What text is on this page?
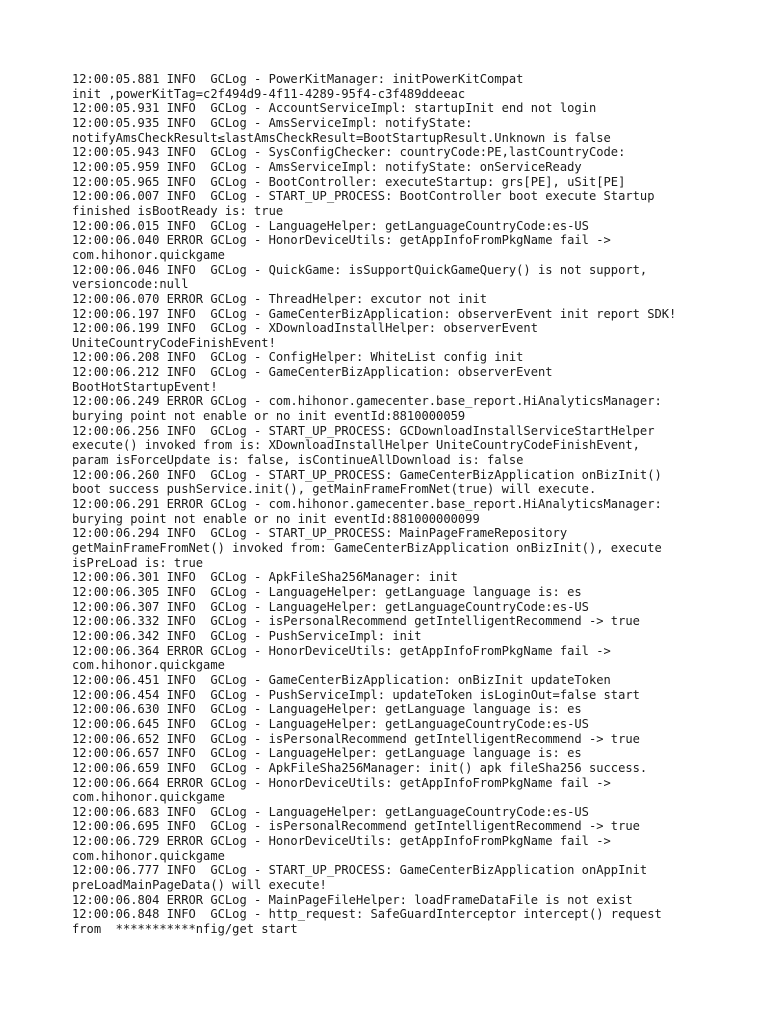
12:00:05.881 INFO  GCLog - PowerKitManager: initPowerKitCompat
init ,powerKitTag=c2f494d9-4f11-4289-95f4-c3f489ddeeac
12:00:05.931 INFO  GCLog - AccountServiceImpl: startupInit end not login
12:00:05.935 INFO  GCLog - AmsServiceImpl: notifyState:
notifyAmsCheckResult≤lastAmsCheckResult=BootStartupResult.Unknown is false
12:00:05.943 INFO  GCLog - SysConfigChecker: countryCode:PE,lastCountryCode:
12:00:05.959 INFO  GCLog - AmsServiceImpl: notifyState: onServiceReady
12:00:05.965 INFO  GCLog - BootController: executeStartup: grs[PE], uSit[PE]
12:00:06.007 INFO  GCLog - START_UP_PROCESS: BootController boot execute Startup
finished isBootReady is: true
12:00:06.015 INFO  GCLog - LanguageHelper: getLanguageCountryCode:es-US
12:00:06.040 ERROR GCLog - HonorDeviceUtils: getAppInfoFromPkgName fail ->
com.hihonor.quickgame
12:00:06.046 INFO  GCLog - QuickGame: isSupportQuickGameQuery() is not support,
versioncode:null
12:00:06.070 ERROR GCLog - ThreadHelper: excutor not init
12:00:06.197 INFO  GCLog - GameCenterBizApplication: observerEvent init report SDK!
12:00:06.199 INFO  GCLog - XDownloadInstallHelper: observerEvent
UniteCountryCodeFinishEvent!
12:00:06.208 INFO  GCLog - ConfigHelper: WhiteList config init
12:00:06.212 INFO  GCLog - GameCenterBizApplication: observerEvent
BootHotStartupEvent!
12:00:06.249 ERROR GCLog - com.hihonor.gamecenter.base_report.HiAnalyticsManager:
burying point not enable or no init eventId:8810000059
12:00:06.256 INFO  GCLog - START_UP_PROCESS: GCDownloadInstallServiceStartHelper
execute() invoked from is: XDownloadInstallHelper UniteCountryCodeFinishEvent,
param isForceUpdate is: false, isContinueAllDownload is: false
12:00:06.260 INFO  GCLog - START_UP_PROCESS: GameCenterBizApplication onBizInit()
boot success pushService.init(), getMainFrameFromNet(true) will execute.
12:00:06.291 ERROR GCLog - com.hihonor.gamecenter.base_report.HiAnalyticsManager:
burying point not enable or no init eventId:881000000099
12:00:06.294 INFO  GCLog - START_UP_PROCESS: MainPageFrameRepository
getMainFrameFromNet() invoked from: GameCenterBizApplication onBizInit(), execute
isPreLoad is: true
12:00:06.301 INFO  GCLog - ApkFileSha256Manager: init
12:00:06.305 INFO  GCLog - LanguageHelper: getLanguage language is: es
12:00:06.307 INFO  GCLog - LanguageHelper: getLanguageCountryCode:es-US
12:00:06.332 INFO  GCLog - isPersonalRecommend getIntelligentRecommend -> true
12:00:06.342 INFO  GCLog - PushServiceImpl: init
12:00:06.364 ERROR GCLog - HonorDeviceUtils: getAppInfoFromPkgName fail ->
com.hihonor.quickgame
12:00:06.451 INFO  GCLog - GameCenterBizApplication: onBizInit updateToken
12:00:06.454 INFO  GCLog - PushServiceImpl: updateToken isLoginOut=false start
12:00:06.630 INFO  GCLog - LanguageHelper: getLanguage language is: es
12:00:06.645 INFO  GCLog - LanguageHelper: getLanguageCountryCode:es-US
12:00:06.652 INFO  GCLog - isPersonalRecommend getIntelligentRecommend -> true
12:00:06.657 INFO  GCLog - LanguageHelper: getLanguage language is: es
12:00:06.659 INFO  GCLog - ApkFileSha256Manager: init() apk fileSha256 success.
12:00:06.664 ERROR GCLog - HonorDeviceUtils: getAppInfoFromPkgName fail ->
com.hihonor.quickgame
12:00:06.683 INFO  GCLog - LanguageHelper: getLanguageCountryCode:es-US
12:00:06.695 INFO  GCLog - isPersonalRecommend getIntelligentRecommend -> true
12:00:06.729 ERROR GCLog - HonorDeviceUtils: getAppInfoFromPkgName fail ->
com.hihonor.quickgame
12:00:06.777 INFO  GCLog - START_UP_PROCESS: GameCenterBizApplication onAppInit
preLoadMainPageData() will execute!
12:00:06.804 ERROR GCLog - MainPageFileHelper: loadFrameDataFile is not exist
12:00:06.848 INFO  GCLog - http_request: SafeGuardInterceptor intercept() request
from  ***********nfig/get start
